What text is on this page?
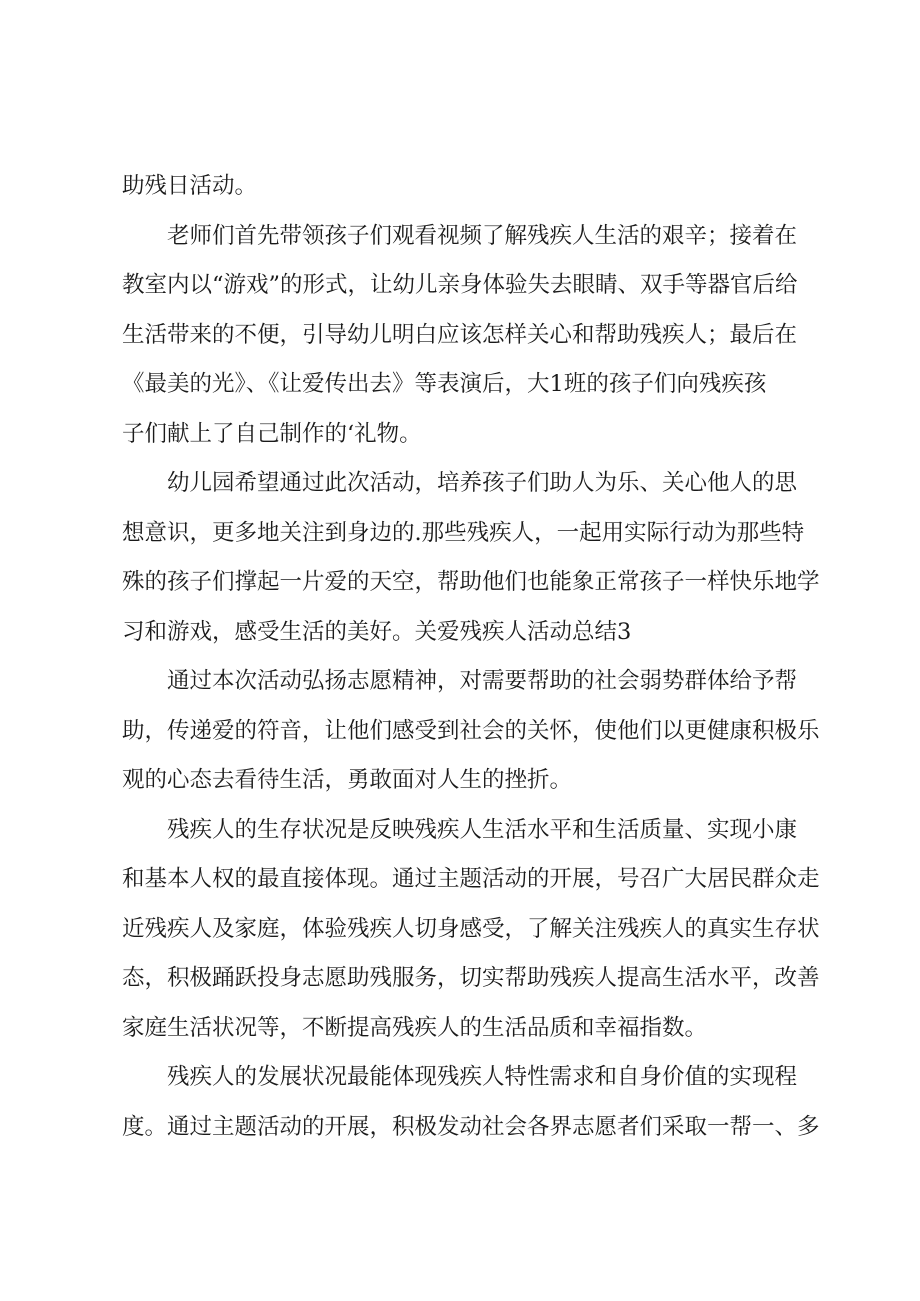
助残日活动。
老师们首先带领孩子们观看视频了解残疾人生活的艰辛；接着在
教室内以“游戏”的形式，让幼儿亲身体验失去眼睛、双手等器官后给
生活带来的不便，引导幼儿明白应该怎样关心和帮助残疾人；最后在
《最美的光》、《让爱传出去》等表演后，大1班的孩子们向残疾孩
子们献上了自己制作的‘礼物。
幼儿园希望通过此次活动，培养孩子们助人为乐、关心他人的思
想意识，更多地关注到身边的.那些残疾人，一起用实际行动为那些特
殊的孩子们撑起一片爱的天空，帮助他们也能象正常孩子一样快乐地学
习和游戏，感受生活的美好。关爱残疾人活动总结3
通过本次活动弘扬志愿精神，对需要帮助的社会弱势群体给予帮
助，传递爱的符音，让他们感受到社会的关怀，使他们以更健康积极乐
观的心态去看待生活，勇敢面对人生的挫折。
残疾人的生存状况是反映残疾人生活水平和生活质量、实现小康
和基本人权的最直接体现。通过主题活动的开展，号召广大居民群众走
近残疾人及家庭，体验残疾人切身感受，了解关注残疾人的真实生存状
态，积极踊跃投身志愿助残服务，切实帮助残疾人提高生活水平，改善
家庭生活状况等，不断提高残疾人的生活品质和幸福指数。
残疾人的发展状况最能体现残疾人特性需求和自身价值的实现程
度。通过主题活动的开展，积极发动社会各界志愿者们采取一帮一、多
